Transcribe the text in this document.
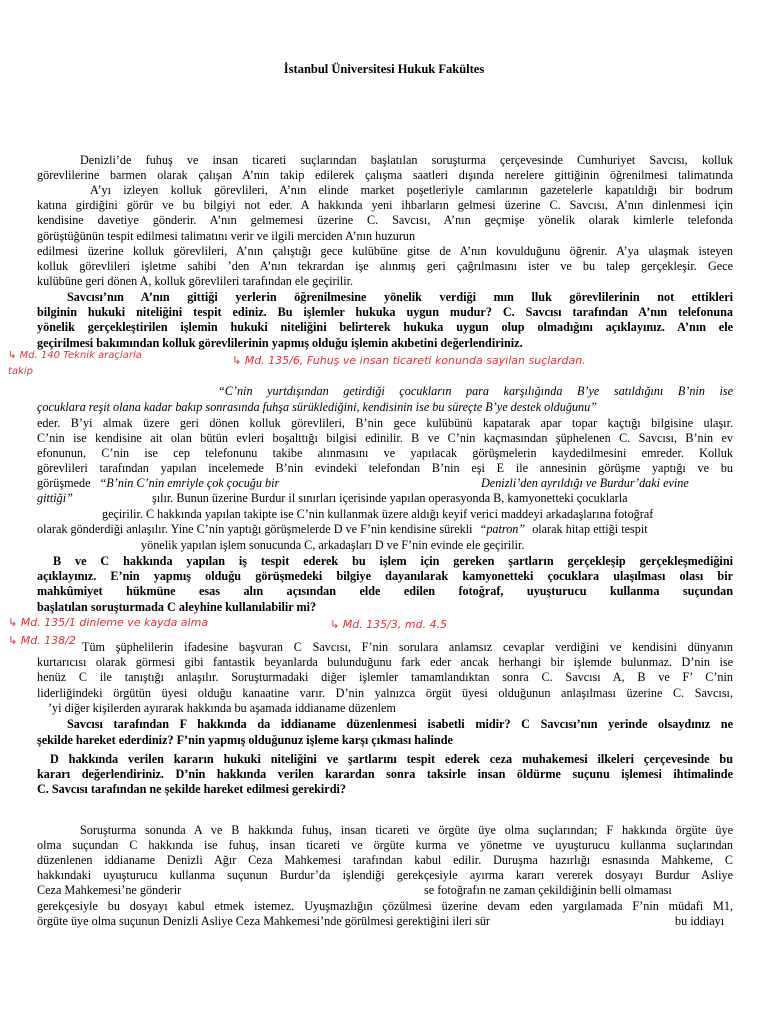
İstanbul Üniversitesi Hukuk Fakültes

Denizli’de fuhuş ve insan ticareti suçlarından başlatılan soruşturma çerçevesinde Cumhuriyet Savcısı, kolluk

görevlilerine barmen olarak çalışan A’nın takip edilerek çalışma saatleri dışında nerelere gittiğinin öğrenilmesi talimatında

A’yı izleyen kolluk görevlileri, A’nın elinde market poşetleriyle camlarının gazetelerle kapatıldığı bir bodrum

katına girdiğini görür ve bu bilgiyi not eder. A hakkında yeni ihbarların gelmesi üzerine C. Savcısı, A’nın dinlenmesi için

kendisine davetiye gönderir. A’nın gelmemesi üzerine C. Savcısı, A’nın geçmişe yönelik olarak kimlerle telefonda

görüştüğünün tespit edilmesi talimatını verir ve ilgili merciden A’nın huzurun

edilmesi üzerine kolluk görevlileri, A’nın çalıştığı gece kulübüne gitse de A’nın kovulduğunu öğrenir. A’ya ulaşmak isteyen

kolluk görevlileri işletme sahibi ’den A’nın tekrardan işe alınmış geri çağrılmasını ister ve bu talep gerçekleşir. Gece

kulübüne geri dönen A, kolluk görevlileri tarafından ele geçirilir.

Savcısı’nın A’nın gittiği yerlerin öğrenilmesine yönelik verdiği mın lluk görevlilerinin not ettikleri

bilginin hukuki niteliğini tespit ediniz. Bu işlemler hukuka uygun mudur? C. Savcısı tarafından A’nın telefonuna

yönelik gerçekleştirilen işlemin hukuki niteliğini belirterek hukuka uygun olup olmadığını açıklayınız. A’nın ele

geçirilmesi bakımından kolluk görevlilerinin yapmış olduğu işlemin akıbetini değerlendiriniz.

↳ Md. 140 Teknik araçlarla
takip
↳ Md. 135/6, Fuhuş ve insan ticareti konunda sayılan suçlardan.

“C’nin yurtdışından getirdiği çocukların para karşılığında B’ye satıldığını B’nin ise

çocuklara reşit olana kadar bakıp sonrasında fuhşa sürüklediğini, kendisinin ise bu süreçte B’ye destek olduğunu”

eder. B’yi almak üzere geri dönen kolluk görevlileri, B’nin gece kulübünü kapatarak apar topar kaçtığı bilgisine ulaşır.

C’nin ise kendisine ait olan bütün evleri boşalttığı bilgisi edinilir. B ve C’nin kaçmasından şüphelenen C. Savcısı, B’nin ev

efonunun, C’nin ise cep telefonunu takibe alınmasını ve yapılacak görüşmelerin kaydedilmesini emreder. Kolluk

görevlileri tarafından yapılan incelemede B’nin evindeki telefondan B’nin eşi E ile annesinin görüşme yaptığı ve bu

görüşmede “B’nin C’nin emriyle çok çocuğu bir	Denizli’den ayrıldığı ve Burdur’daki evine
gittiği”	şılır. Bunun üzerine Burdur il sınırları içerisinde yapılan operasyonda B, kamyonetteki çocuklarla

geçirilir. C hakkında yapılan takipte ise C’nin kullanmak üzere aldığı keyif verici maddeyi arkadaşlarına fotoğraf

olarak gönderdiği anlaşılır. Yine C’nin yaptığı görüşmelerde D ve F’nin kendisine sürekli “patron” olarak hitap ettiği tespit

yönelik yapılan işlem sonucunda C, arkadaşları D ve F’nin evinde ele geçirilir.

B ve C hakkında yapılan iş tespit ederek bu işlem için gereken şartların gerçekleşip gerçekleşmediğini

açıklayınız. E’nin yapmış olduğu görüşmedeki bilgiye dayanılarak kamyonetteki çocuklara ulaşılması olası bir

mahkûmiyet hükmüne esas alın açısından elde edilen fotoğraf, uyuşturucu kullanma suçundan

başlatılan soruşturmada C aleyhine kullanılabilir mi?

↳ Md. 135/1 dinleme ve kayda alma	↳ Md. 135/3, md. 4.5
↳ Md. 138/2 Tüm şüphelilerin ifadesine başvuran C Savcısı, F’nin sorulara anlamsız cevaplar verdiğini ve kendisini dünyanın

kurtarıcısı olarak görmesi gibi fantastik beyanlarda bulunduğunu fark eder ancak herhangi bir işlemde bulunmaz. D’nin ise

henüz C ile tanıştığı anlaşılır. Soruşturmadaki diğer işlemler tamamlandıktan sonra C. Savcısı A, B ve F’ C’nin

liderliğindeki örgütün üyesi olduğu kanaatine varır. D’nin yalnızca örgüt üyesi olduğunun anlaşılması üzerine C. Savcısı,

’yi diğer kişilerden ayırarak hakkında bu aşamada iddianame düzenlem

Savcısı tarafından F hakkında da iddianame düzenlenmesi isabetli midir? C Savcısı’nın yerinde olsaydınız ne

şekilde hareket ederdiniz? F’nin yapmış olduğunuz işleme karşı çıkması halinde

D hakkında verilen kararın hukuki niteliğini ve şartlarını tespit ederek ceza muhakemesi ilkeleri çerçevesinde bu

kararı değerlendiriniz. D’nin hakkında verilen karardan sonra taksirle insan öldürme suçunu işlemesi ihtimalinde

C. Savcısı tarafından ne şekilde hareket edilmesi gerekirdi?

Soruşturma sonunda A ve B hakkında fuhuş, insan ticareti ve örgüte üye olma suçlarından; F hakkında örgüte üye

olma suçundan C hakkında ise fuhuş, insan ticareti ve örgüte kurma ve yönetme ve uyuşturucu kullanma suçlarından

düzenlenen iddianame Denizli Ağır Ceza Mahkemesi tarafından kabul edilir. Duruşma hazırlığı esnasında Mahkeme, C

hakkındaki uyuşturucu kullanma suçunun Burdur’da işlendiği gerekçesiyle ayırma kararı vererek dosyayı Burdur Asliye

Ceza Mahkemesi’ne gönderir	se fotoğrafın ne zaman çekildiğinin belli olmaması

gerekçesiyle bu dosyayı kabul etmek istemez. Uyuşmazlığın çözülmesi üzerine devam eden yargılamada F’nin müdafi M1,

örgüte üye olma suçunun Denizli Asliye Ceza Mahkemesi’nde görülmesi gerektiğini ileri sür	bu iddiayı
